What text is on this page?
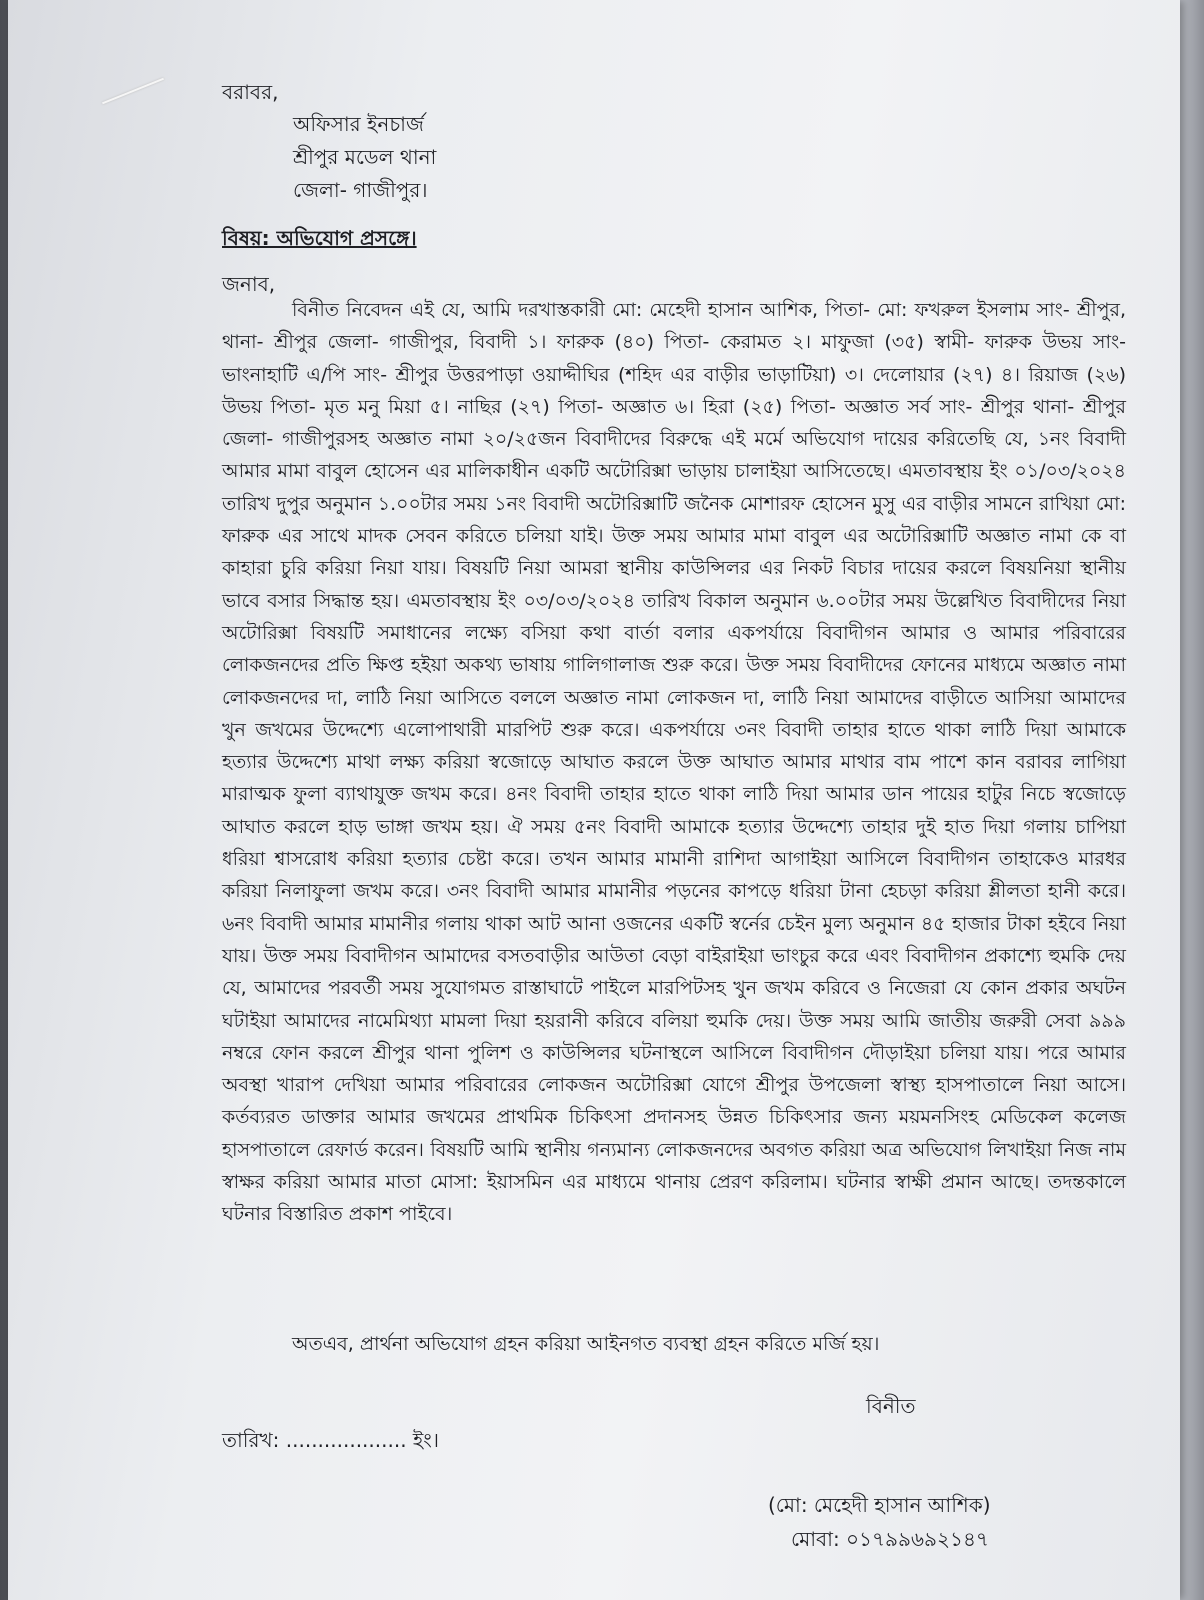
বরাবর,
অফিসার ইনচার্জ
শ্রীপুর মডেল থানা
জেলা- গাজীপুর।
বিষয়: অভিযোগ প্রসঙ্গে।
জনাব,
বিনীত নিবেদন এই যে, আমি দরখাস্তকারী মো: মেহেদী হাসান আশিক, পিতা- মো: ফখরুল ইসলাম সাং- শ্রীপুর, থানা- শ্রীপুর জেলা- গাজীপুর, বিবাদী ১। ফারুক (৪০) পিতা- কেরামত ২। মাফুজা (৩৫) স্বামী- ফারুক উভয় সাং- ভাংনাহাটি এ/পি সাং- শ্রীপুর উত্তরপাড়া ওয়াদ্দীঘির (শহিদ এর বাড়ীর ভাড়াটিয়া) ৩। দেলোয়ার (২৭) ৪। রিয়াজ (২৬) উভয় পিতা- মৃত মনু মিয়া ৫। নাছির (২৭) পিতা- অজ্ঞাত ৬। হিরা (২৫) পিতা- অজ্ঞাত সর্ব সাং- শ্রীপুর থানা- শ্রীপুর জেলা- গাজীপুরসহ অজ্ঞাত নামা ২০/২৫জন বিবাদীদের বিরুদ্ধে এই মর্মে অভিযোগ দায়ের করিতেছি যে, ১নং বিবাদী আমার মামা বাবুল হোসেন এর মালিকাধীন একটি অটোরিক্সা ভাড়ায় চালাইয়া আসিতেছে। এমতাবস্থায় ইং ০১/০৩/২০২৪ তারিখ দুপুর অনুমান ১.০০টার সময় ১নং বিবাদী অটোরিক্সাটি জনৈক মোশারফ হোসেন মুসু এর বাড়ীর সামনে রাখিয়া মো: ফারুক এর সাথে মাদক সেবন করিতে চলিয়া যাই। উক্ত সময় আমার মামা বাবুল এর অটোরিক্সাটি অজ্ঞাত নামা কে বা কাহারা চুরি করিয়া নিয়া যায়। বিষয়টি নিয়া আমরা স্থানীয় কাউন্সিলর এর নিকট বিচার দায়ের করলে বিষয়নিয়া স্থানীয় ভাবে বসার সিদ্ধান্ত হয়। এমতাবস্থায় ইং ০৩/০৩/২০২৪ তারিখ বিকাল অনুমান ৬.০০টার সময় উল্লেখিত বিবাদীদের নিয়া অটোরিক্সা বিষয়টি সমাধানের লক্ষ্যে বসিয়া কথা বার্তা বলার একপর্যায়ে বিবাদীগন আমার ও আমার পরিবারের লোকজনদের প্রতি ক্ষিপ্ত হইয়া অকথ্য ভাষায় গালিগালাজ শুরু করে। উক্ত সময় বিবাদীদের ফোনের মাধ্যমে অজ্ঞাত নামা লোকজনদের দা, লাঠি নিয়া আসিতে বললে অজ্ঞাত নামা লোকজন দা, লাঠি নিয়া আমাদের বাড়ীতে আসিয়া আমাদের খুন জখমের উদ্দেশ্যে এলোপাথারী মারপিট শুরু করে। একপর্যায়ে ৩নং বিবাদী তাহার হাতে থাকা লাঠি দিয়া আমাকে হত্যার উদ্দেশ্যে মাথা লক্ষ্য করিয়া স্বজোড়ে আঘাত করলে উক্ত আঘাত আমার মাথার বাম পাশে কান বরাবর লাগিয়া মারাত্মক ফুলা ব্যাথাযুক্ত জখম করে। ৪নং বিবাদী তাহার হাতে থাকা লাঠি দিয়া আমার ডান পায়ের হাটুর নিচে স্বজোড়ে আঘাত করলে হাড় ভাঙ্গা জখম হয়। ঐ সময় ৫নং বিবাদী আমাকে হত্যার উদ্দেশ্যে তাহার দুই হাত দিয়া গলায় চাপিয়া ধরিয়া শ্বাসরোধ করিয়া হত্যার চেষ্টা করে। তখন আমার মামানী রাশিদা আগাইয়া আসিলে বিবাদীগন তাহাকেও মারধর করিয়া নিলাফুলা জখম করে। ৩নং বিবাদী আমার মামানীর পড়নের কাপড়ে ধরিয়া টানা হেচড়া করিয়া শ্লীলতা হানী করে। ৬নং বিবাদী আমার মামানীর গলায় থাকা আট আনা ওজনের একটি স্বর্নের চেইন মুল্য অনুমান ৪৫ হাজার টাকা হইবে নিয়া যায়। উক্ত সময় বিবাদীগন আমাদের বসতবাড়ীর আউতা বেড়া বাইরাইয়া ভাংচুর করে এবং বিবাদীগন প্রকাশ্যে হুমকি দেয় যে, আমাদের পরবর্তী সময় সুযোগমত রাস্তাঘাটে পাইলে মারপিটসহ খুন জখম করিবে ও নিজেরা যে কোন প্রকার অঘটন ঘটাইয়া আমাদের নামেমিথ্যা মামলা দিয়া হয়রানী করিবে বলিয়া হুমকি দেয়। উক্ত সময় আমি জাতীয় জরুরী সেবা ৯৯৯ নম্বরে ফোন করলে শ্রীপুর থানা পুলিশ ও কাউন্সিলর ঘটনাস্থলে আসিলে বিবাদীগন দৌড়াইয়া চলিয়া যায়। পরে আমার অবস্থা খারাপ দেখিয়া আমার পরিবারের লোকজন অটোরিক্সা যোগে শ্রীপুর উপজেলা স্বাস্থ্য হাসপাতালে নিয়া আসে। কর্তব্যরত ডাক্তার আমার জখমের প্রাথমিক চিকিৎসা প্রদানসহ উন্নত চিকিৎসার জন্য ময়মনসিংহ মেডিকেল কলেজ হাসপাতালে রেফার্ড করেন। বিষয়টি আমি স্থানীয় গন্যমান্য লোকজনদের অবগত করিয়া অত্র অভিযোগ লিখাইয়া নিজ নাম স্বাক্ষর করিয়া আমার মাতা মোসা: ইয়াসমিন এর মাধ্যমে থানায় প্রেরণ করিলাম। ঘটনার স্বাক্ষী প্রমান আছে। তদন্তকালে ঘটনার বিস্তারিত প্রকাশ পাইবে।
অতএব, প্রার্থনা অভিযোগ গ্রহন করিয়া আইনগত ব্যবস্থা গ্রহন করিতে মর্জি হয়।
বিনীত
তারিখ: ................... ইং।
(মো: মেহেদী হাসান আশিক)
মোবা: ০১৭৯৯৬৯২১৪৭
